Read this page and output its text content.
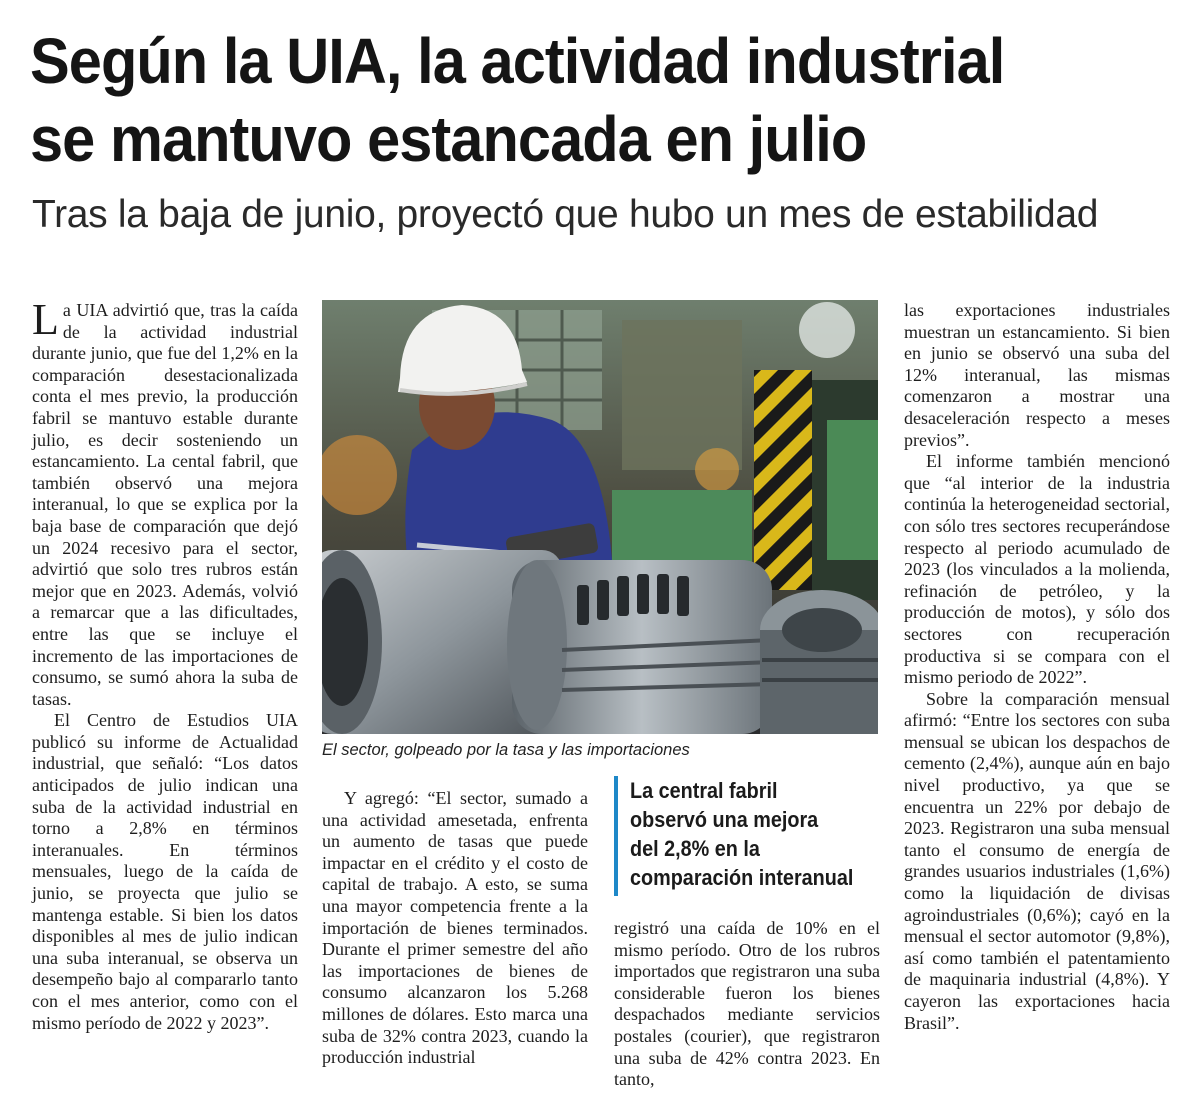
Según la UIA, la actividad industrial
se mantuvo estancada en julio
Tras la baja de junio, proyectó que hubo un mes de estabilidad

La UIA advirtió que, tras la caída de la actividad industrial durante junio, que fue del 1,2% en la comparación desestacionalizada conta el mes previo, la producción fabril se mantuvo estable durante julio, es decir sosteniendo un estancamiento. La cental fabril, que también observó una mejora interanual, lo que se explica por la baja base de comparación que dejó un 2024 recesivo para el sector, advirtió que solo tres rubros están mejor que en 2023. Además, volvió a remarcar que a las dificultades, entre las que se incluye el incremento de las importaciones de consumo, se sumó ahora la suba de tasas.

El Centro de Estudios UIA publicó su informe de Actualidad industrial, que señaló: “Los datos anticipados de julio indican una suba de la actividad industrial en torno a 2,8% en términos interanuales. En términos mensuales, luego de la caída de junio, se proyecta que julio se mantenga estable. Si bien los datos disponibles al mes de julio indican una suba interanual, se observa un desempeño bajo al compararlo tanto con el mes anterior, como con el mismo período de 2022 y 2023”.

El sector, golpeado por la tasa y las importaciones

Y agregó: “El sector, sumado a una actividad amesetada, enfrenta un aumento de tasas que puede impactar en el crédito y el costo de capital de trabajo. A esto, se suma una mayor competencia frente a la importación de bienes terminados. Durante el primer semestre del año las importaciones de bienes de consumo alcanzaron los 5.268 millones de dólares. Esto marca una suba de 32% contra 2023, cuando la producción industrial

La central fabril
observó una mejora
del 2,8% en la
comparación interanual

registró una caída de 10% en el mismo período. Otro de los rubros importados que registraron una suba considerable fueron los bienes despachados mediante servicios postales (courier), que registraron una suba de 42% contra 2023. En tanto,

las exportaciones industriales muestran un estancamiento. Si bien en junio se observó una suba del 12% interanual, las mismas comenzaron a mostrar una desaceleración respecto a meses previos”.

El informe también mencionó que “al interior de la industria continúa la heterogeneidad sectorial, con sólo tres sectores recuperándose respecto al periodo acumulado de 2023 (los vinculados a la molienda, refinación de petróleo, y la producción de motos), y sólo dos sectores con recuperación productiva si se compara con el mismo periodo de 2022”.

Sobre la comparación mensual afirmó: “Entre los sectores con suba mensual se ubican los despachos de cemento (2,4%), aunque aún en bajo nivel productivo, ya que se encuentra un 22% por debajo de 2023. Registraron una suba mensual tanto el consumo de energía de grandes usuarios industriales (1,6%) como la liquidación de divisas agroindustriales (0,6%); cayó en la mensual el sector automotor (9,8%), así como también el patentamiento de maquinaria industrial (4,8%). Y cayeron las exportaciones hacia Brasil”.
